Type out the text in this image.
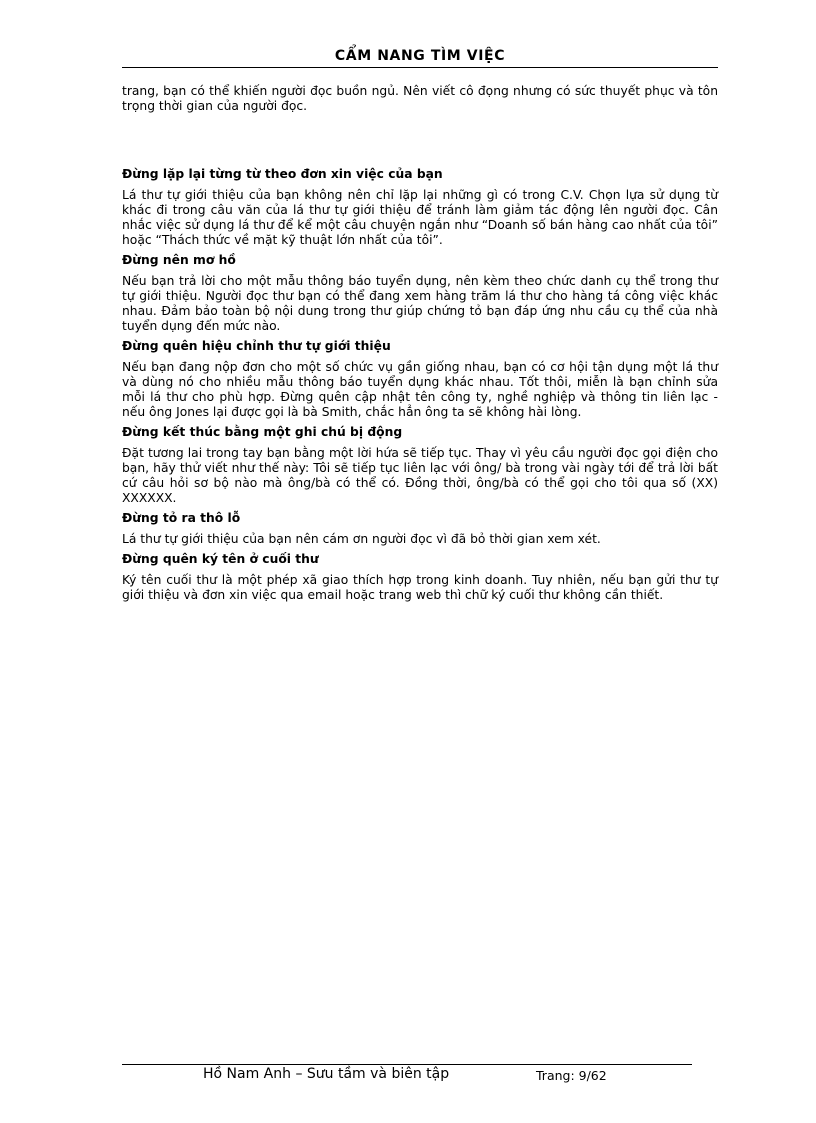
CẨM NANG TÌM VIỆC

trang, bạn có thể khiến người đọc buồn ngủ. Nên viết cô đọng nhưng có sức thuyết phục và tôn trọng thời gian của người đọc.

Đừng lặp lại từng từ theo đơn xin việc của bạn

Lá thư tự giới thiệu của bạn không nên chỉ lặp lại những gì có trong C.V. Chọn lựa sử dụng từ khác đi trong câu văn của lá thư tự giới thiệu để tránh làm giảm tác động lên người đọc. Cân nhắc việc sử dụng lá thư để kể một câu chuyện ngắn như “Doanh số bán hàng cao nhất của tôi” hoặc “Thách thức về mặt kỹ thuật lớn nhất của tôi”.

Đừng nên mơ hồ

Nếu bạn trả lời cho một mẫu thông báo tuyển dụng, nên kèm theo chức danh cụ thể trong thư tự giới thiệu. Người đọc thư bạn có thể đang xem hàng trăm lá thư cho hàng tá công việc khác nhau. Đảm bảo toàn bộ nội dung trong thư giúp chứng tỏ bạn đáp ứng nhu cầu cụ thể của nhà tuyển dụng đến mức nào.

Đừng quên hiệu chỉnh thư tự giới thiệu

Nếu bạn đang nộp đơn cho một số chức vụ gần giống nhau, bạn có cơ hội tận dụng một lá thư và dùng nó cho nhiều mẫu thông báo tuyển dụng khác nhau. Tốt thôi, miễn là bạn chỉnh sửa mỗi lá thư cho phù hợp. Đừng quên cập nhật tên công ty, nghề nghiệp và thông tin liên lạc - nếu ông Jones lại được gọi là bà Smith, chắc hẳn ông ta sẽ không hài lòng.

Đừng kết thúc bằng một ghi chú bị động

Đặt tương lai trong tay bạn bằng một lời hứa sẽ tiếp tục. Thay vì yêu cầu người đọc gọi điện cho bạn, hãy thử viết như thế này: Tôi sẽ tiếp tục liên lạc với ông/ bà trong vài ngày tới để trả lời bất cứ câu hỏi sơ bộ nào mà ông/bà có thể có. Đồng thời, ông/bà có thể gọi cho tôi qua số (XX) XXXXXX.

Đừng tỏ ra thô lỗ

Lá thư tự giới thiệu của bạn nên cám ơn người đọc vì đã bỏ thời gian xem xét.

Đừng quên ký tên ở cuối thư

Ký tên cuối thư là một phép xã giao thích hợp trong kinh doanh. Tuy nhiên, nếu bạn gửi thư tự giới thiệu và đơn xin việc qua email hoặc trang web thì chữ ký cuối thư không cần thiết.

Hồ Nam Anh – Sưu tầm và biên tập	Trang: 9/62
